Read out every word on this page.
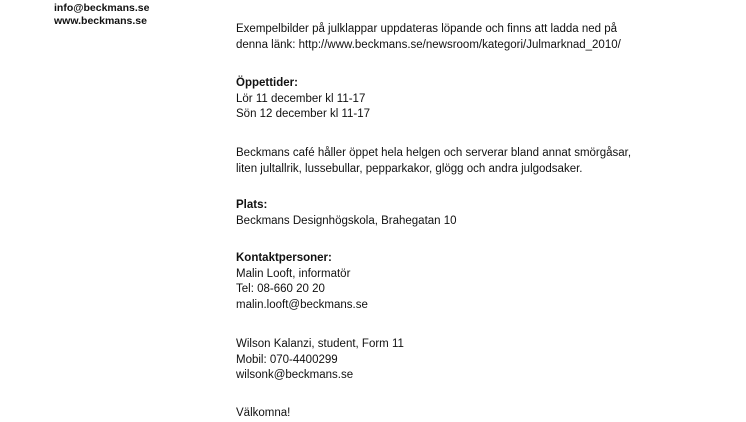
info@beckmans.se
www.beckmans.se
Exempelbilder på julklappar uppdateras löpande och finns att ladda ned på
denna länk: http://www.beckmans.se/newsroom/kategori/Julmarknad_2010/
Öppettider:
Lör 11 december kl 11-17
Sön 12 december kl 11-17
Beckmans café håller öppet hela helgen och serverar bland annat smörgåsar,
liten jultallrik, lussebullar, pepparkakor, glögg och andra julgodsaker.
Plats:
Beckmans Designhögskola, Brahegatan 10
Kontaktpersoner:
Malin Looft, informatör
Tel: 08-660 20 20
malin.looft@beckmans.se
Wilson Kalanzi, student, Form 11
Mobil: 070-4400299
wilsonk@beckmans.se
Välkomna!
